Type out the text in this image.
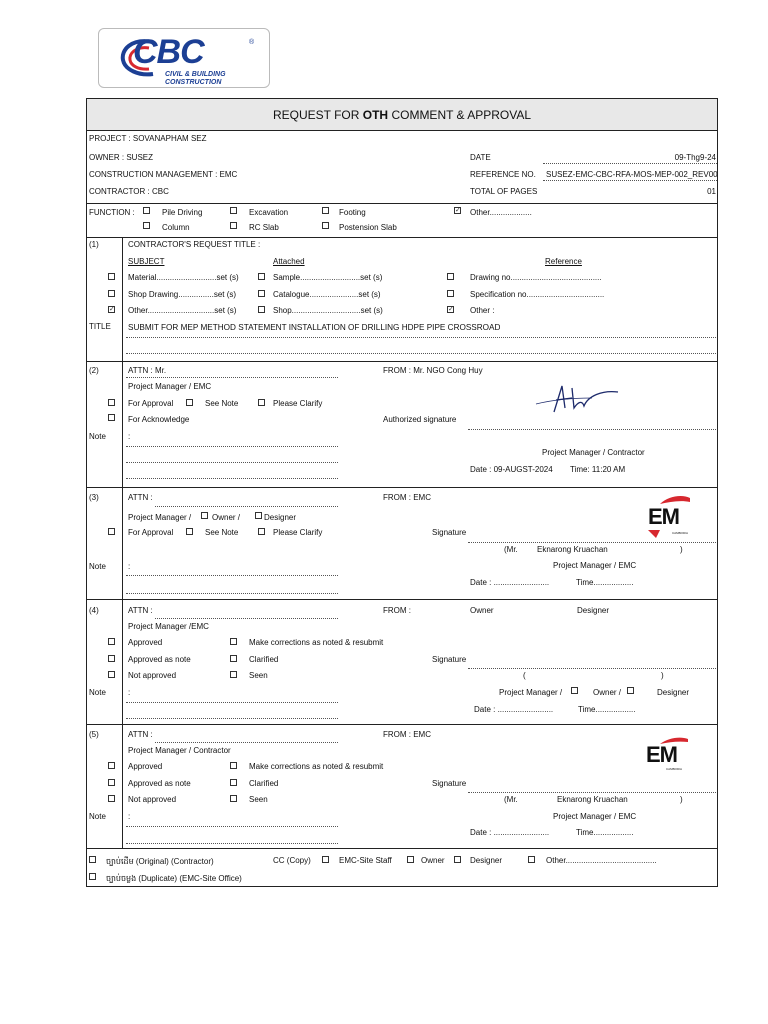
CBC	®
CIVIL & BUILDING
CONSTRUCTION
REQUEST FOR OTH COMMENT & APPROVAL
PROJECT : SOVANAPHAM SEZ
OWNER : SUSEZ
CONSTRUCTION MANAGEMENT : EMC
CONTRACTOR : CBC
DATE	09-Thg9-24
REFERENCE NO. SUSEZ-EMC-CBC-RFA-MOS-MEP-002_REV00
TOTAL OF PAGES	01
FUNCTION :	Pile Driving	Excavation	Footing	✓ Other...................
Column	RC Slab	Postension Slab
(1)	CONTRACTOR'S REQUEST TITLE :
SUBJECT	Attached	Reference
Material...........................set (s)	Sample...........................set (s)	Drawing no.........................................
Shop Drawing................set (s)	Catalogue......................set (s)	Specification no...................................
✓ Other..............................set (s)	Shop...............................set (s)	✓ Other :
TITLE SUBMIT FOR MEP METHOD STATEMENT INSTALLATION OF DRILLING HDPE PIPE CROSSROAD
(2)	ATTN : Mr.	FROM : Mr. NGO Cong Huy
Project Manager / EMC
For Approval	See Note	Please Clarify
For Acknowledge	Authorized signature
Note	:
Project Manager / Contractor
Date : 09-AUGST-2024 Time: 11:20 AM
(3)	ATTN :	FROM : EMC
Project Manager /	Owner /	Designer
For Approval	See Note	Please Clarify	Signature
(Mr. Eknarong Kruachan	)
EM
CAMBODIA
Project Manager / EMC
Note	:
Date : .........................	Time..................
(4)	ATTN :	FROM :	Owner	Designer
Project Manager /EMC
Approved	Make corrections as noted & resubmit
Approved as note	Clarified	Signature
Not approved	Seen	(	)
Note	:	Project Manager /	Owner /	Designer
Date : .........................	Time..................
(5)	ATTN :	FROM : EMC
Project Manager / Contractor
Approved	Make corrections as noted & resubmit
Approved as note	Clarified	Signature
Not approved	Seen	(Mr.	Eknarong Kruachan	)
EM
CAMBODIA
Note	:	Project Manager / EMC
Date : .........................	Time..................
ច្បាប់ដើម (Original) (Contractor)	CC (Copy)	EMC-Site Staff	Owner	Designer	Other.........................................
ច្បាប់ចម្លង (Duplicate) (EMC-Site Office)
